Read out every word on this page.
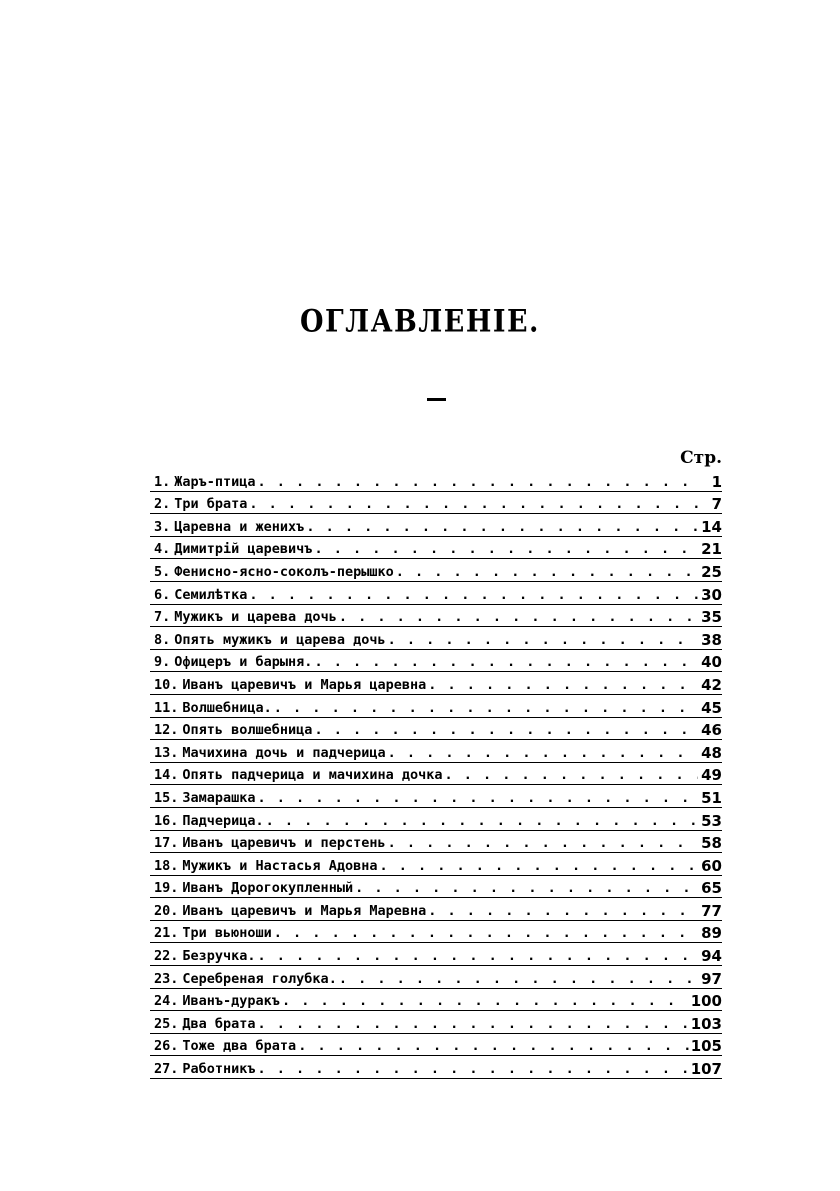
ОГЛАВЛЕНIЕ.
Стр.
1. Жаръ-птица . . .	1
2. Три брата . . .	7
3. Царевна и женихъ . . .	14
4. Димитрiй царевичъ . . .	21
5. Фениcно-ясно-соколъ-перышко . . .	25
6. Семилѣтка . . .	30
7. Мужикъ и царева дочь . . .	35
8. Опять мужикъ и царева дочь . . .	38
9. Офицеръ и барыня. . . .	40
10. Иванъ царевичъ и Марья царевна . . .	42
11. Волшебница. . . .	45
12. Опять волшебница . . .	46
13. Мачихина дочь и падчерица . . .	48
14. Опять падчерица и мачихина дочка . . .	49
15. Замарашка . . .	51
16. Падчерица. . . .	53
17. Иванъ царевичъ и перстень . . .	58
18. Мужикъ и Настасья Адовна . . .	60
19. Иванъ Дорогокупленный . . .	65
20. Иванъ царевичъ и Марья Маревна . . .	77
21. Три вьюноши . . .	89
22. Безручка. . . .	94
23. Серебреная голубка. . . .	97
24. Иванъ-дуракъ . . .	100
25. Два брата . . .	103
26. Тоже два брата . . .	105
27. Работникъ . . .	107
